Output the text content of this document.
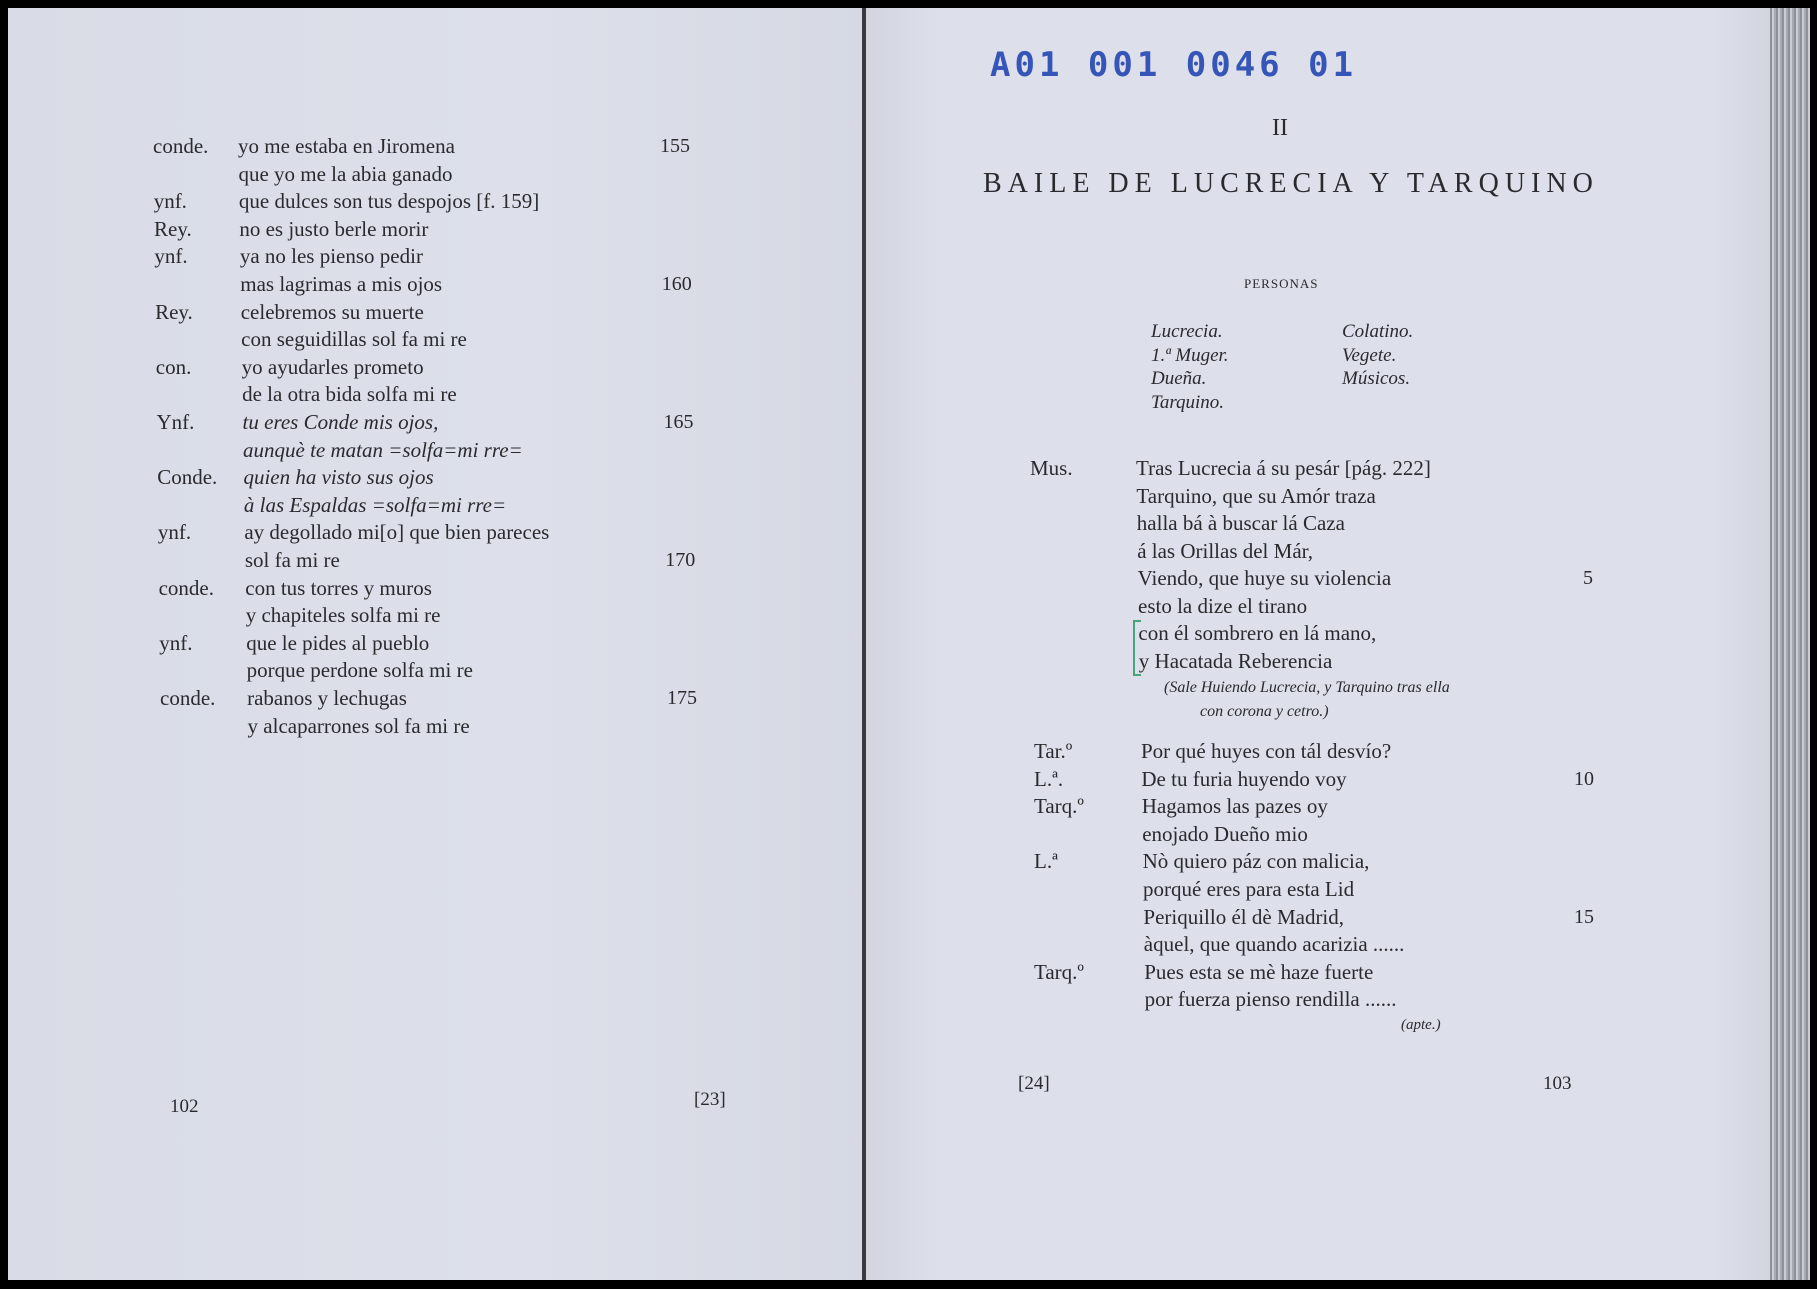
A01 001 0046 01
II
BAILE DE LUCRECIA Y TARQUINO
PERSONAS
(apte.)
[24]	103
102	[23]
conde. yo me estaba en Jiromena	155
que yo me la abia ganado
ynf. que dulces son tus despojos [f. 159]
Rey. no es justo berle morir
ynf. ya no les pienso pedir
mas lagrimas a mis ojos	160
Rey. celebremos su muerte
con seguidillas sol fa mi re
con. yo ayudarles prometo
de la otra bida solfa mi re
Ynf. tu eres Conde mis ojos,	165
aunquè te matan =solfa=mi rre=
Conde. quien ha visto sus ojos
à las Espaldas =solfa=mi rre=
ynf.	ay degollado mi[o] que bien pareces
sol fa mi re	170
conde. con tus torres y muros
y chapiteles solfa mi re
ynf.	que le pides al pueblo
porque perdone solfa mi re
conde. rabanos y lechugas	175
y alcaparrones sol fa mi re
Lucrecia.
1.ª Muger.
Dueña.
Tarquino.
Colatino.
Vegete.
Músicos.
Mus.	Tras Lucrecia á su pesár [pág. 222]
Tarquino, que su Amór traza
halla bá à buscar lá Caza
á las Orillas del Már,
Viendo, que huye su violencia	5
esto la dize el tirano
con él sombrero en lá mano,
y Hacatada Reberencia
(Sale Huiendo Lucrecia, y Tarquino tras ella
con corona y cetro.)
Tar.º	Por qué huyes con tál desvío?
L.ª.	De tu furia huyendo voy	10
Tarq.º	Hagamos las pazes oy
enojado Dueño mio
L.ª	Nò quiero páz con malicia,
porqué eres para esta Lid
Periquillo él dè Madrid,	15
àquel, que quando acarizia ......
Tarq.º	Pues esta se mè haze fuerte
por fuerza pienso rendilla ......
